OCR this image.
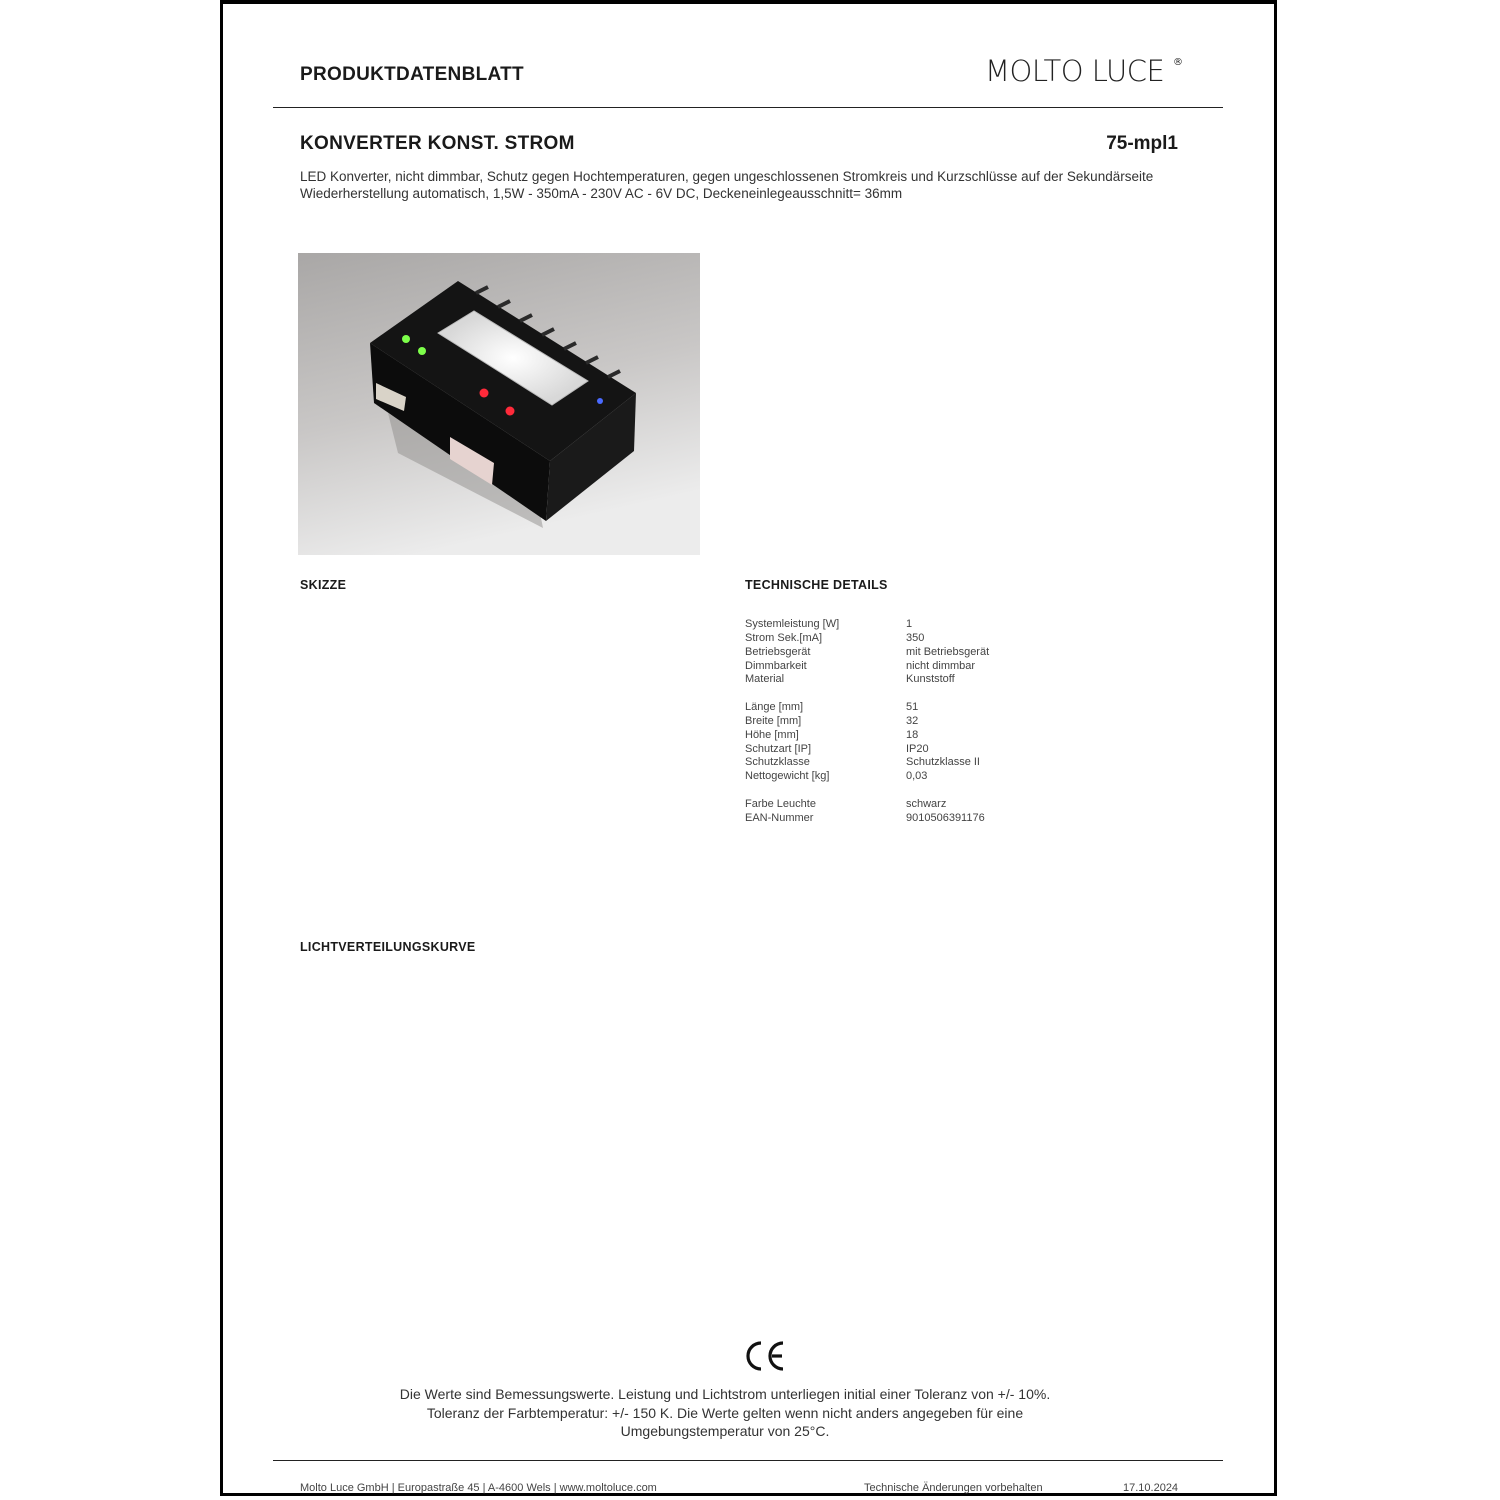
PRODUKTDATENBLATT	MOLTO LUCE ®
KONVERTER KONST. STROM	75-mpl1
LED Konverter, nicht dimmbar, Schutz gegen Hochtemperaturen, gegen ungeschlossenen Stromkreis und Kurzschlüsse auf der Sekundärseite
Wiederherstellung automatisch, 1,5W - 350mA - 230V AC - 6V DC, Deckeneinlegeausschnitt= 36mm
SKIZZE	TECHNISCHE DETAILS
Systemleistung [W]	1
Strom Sek.[mA]	350
Betriebsgerät	mit Betriebsgerät
Dimmbarkeit	nicht dimmbar
Material	Kunststoff
Länge [mm]	51
Breite [mm]	32
Höhe [mm]	18
Schutzart [IP]	IP20
Schutzklasse	Schutzklasse II
Nettogewicht [kg]	0,03
Farbe Leuchte	schwarz
EAN-Nummer	9010506391176
LICHTVERTEILUNGSKURVE
Die Werte sind Bemessungswerte. Leistung und Lichtstrom unterliegen initial einer Toleranz von +/- 10%.
Toleranz der Farbtemperatur: +/- 150 K. Die Werte gelten wenn nicht anders angegeben für eine
Umgebungstemperatur von 25°C.
Molto Luce GmbH | Europastraße 45 | A-4600 Wels | www.moltoluce.com	Technische Änderungen vorbehalten	17.10.2024
